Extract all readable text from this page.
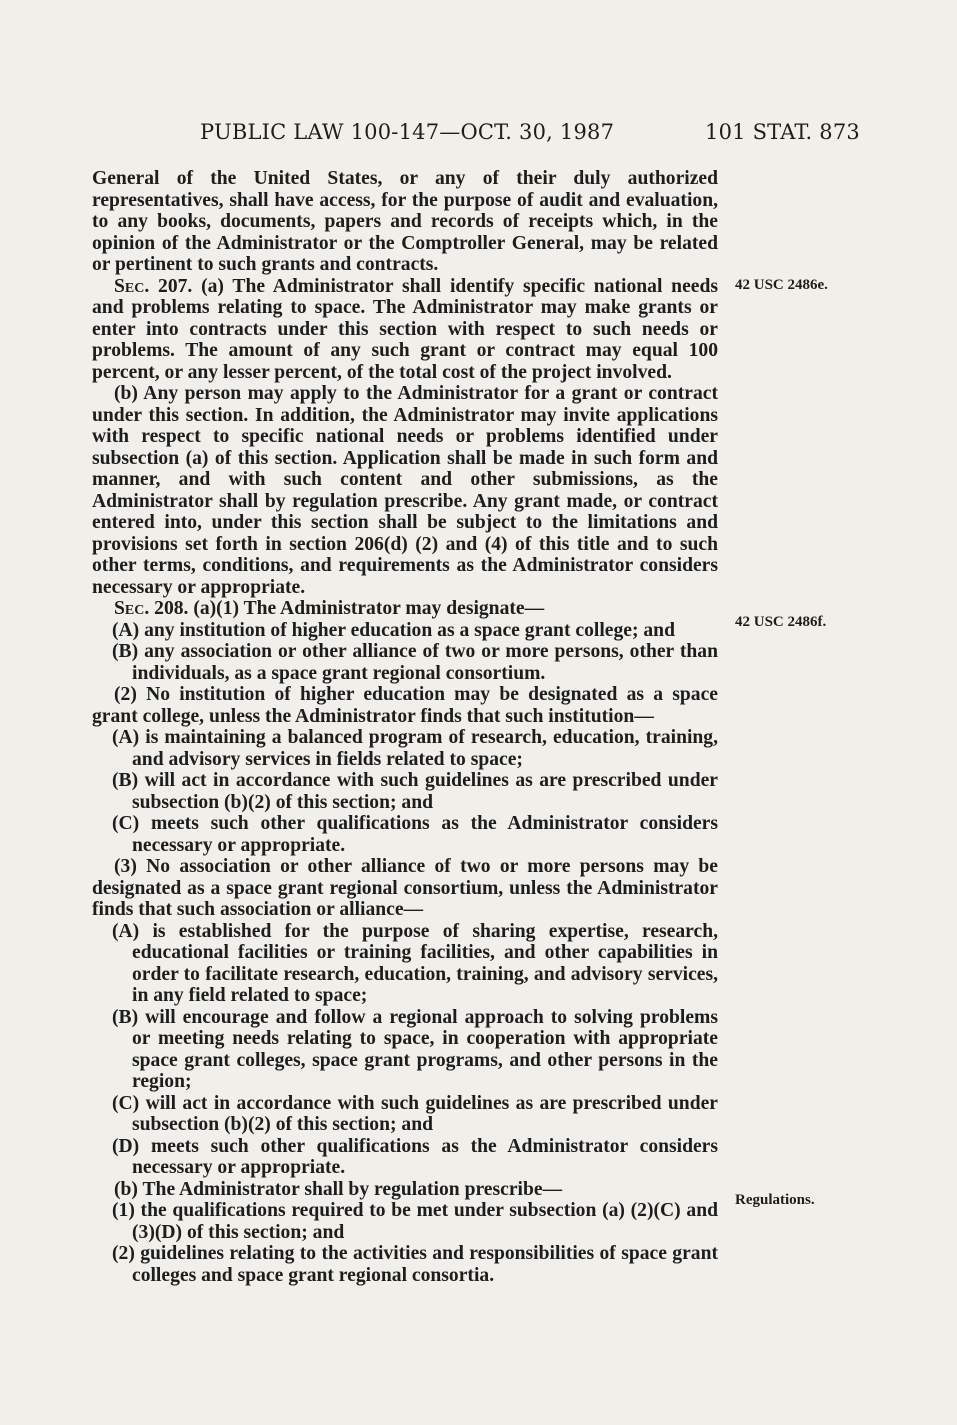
PUBLIC LAW 100-147—OCT. 30, 1987	101 STAT. 873

General of the United States, or any of their duly authorized representatives, shall have access, for the purpose of audit and evaluation, to any books, documents, papers and records of receipts which, in the opinion of the Administrator or the Comptroller General, may be related or pertinent to such grants and contracts.

Sec. 207. (a) The Administrator shall identify specific national needs and problems relating to space. The Administrator may make grants or enter into contracts under this section with respect to such needs or problems. The amount of any such grant or contract may equal 100 percent, or any lesser percent, of the total cost of the project involved.

(b) Any person may apply to the Administrator for a grant or contract under this section. In addition, the Administrator may invite applications with respect to specific national needs or problems identified under subsection (a) of this section. Application shall be made in such form and manner, and with such content and other submissions, as the Administrator shall by regulation prescribe. Any grant made, or contract entered into, under this section shall be subject to the limitations and provisions set forth in section 206(d) (2) and (4) of this title and to such other terms, conditions, and requirements as the Administrator considers necessary or appropriate.

Sec. 208. (a)(1) The Administrator may designate—

(A) any institution of higher education as a space grant college; and

(B) any association or other alliance of two or more persons, other than individuals, as a space grant regional consortium.

(2) No institution of higher education may be designated as a space grant college, unless the Administrator finds that such institution—

(A) is maintaining a balanced program of research, education, training, and advisory services in fields related to space;

(B) will act in accordance with such guidelines as are prescribed under subsection (b)(2) of this section; and

(C) meets such other qualifications as the Administrator considers necessary or appropriate.

(3) No association or other alliance of two or more persons may be designated as a space grant regional consortium, unless the Administrator finds that such association or alliance—

(A) is established for the purpose of sharing expertise, research, educational facilities or training facilities, and other capabilities in order to facilitate research, education, training, and advisory services, in any field related to space;

(B) will encourage and follow a regional approach to solving problems or meeting needs relating to space, in cooperation with appropriate space grant colleges, space grant programs, and other persons in the region;

(C) will act in accordance with such guidelines as are prescribed under subsection (b)(2) of this section; and

(D) meets such other qualifications as the Administrator considers necessary or appropriate.

(b) The Administrator shall by regulation prescribe—

(1) the qualifications required to be met under subsection (a) (2)(C) and (3)(D) of this section; and

(2) guidelines relating to the activities and responsibilities of space grant colleges and space grant regional consortia.

42 USC 2486e.
42 USC 2486f.
Regulations.
